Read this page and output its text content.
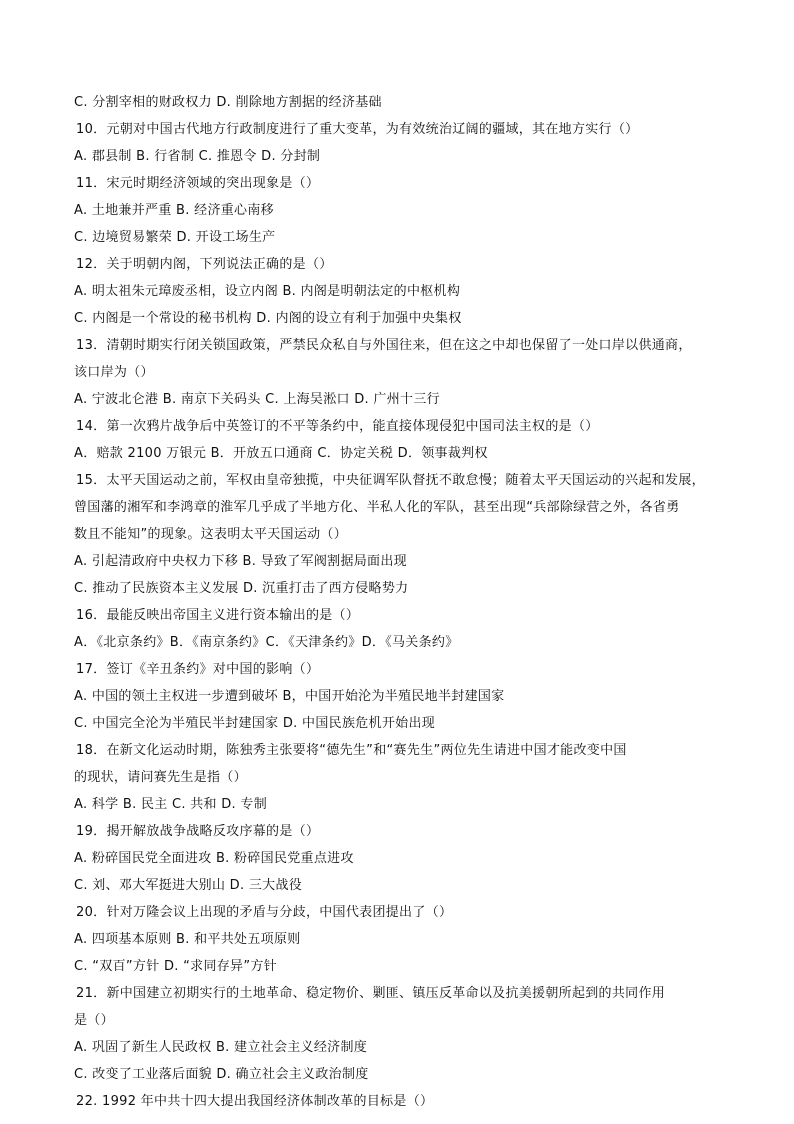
C. 分割宰相的财政权力 D. 削除地方割据的经济基础
10．元朝对中国古代地方行政制度进行了重大变革，为有效统治辽阔的疆域，其在地方实行（）
A. 郡县制 B. 行省制 C. 推恩令 D. 分封制
11．宋元时期经济领域的突出现象是（）
A. 土地兼并严重 B. 经济重心南移
C. 边境贸易繁荣 D. 开设工场生产
12．关于明朝内阁，下列说法正确的是（）
A. 明太祖朱元璋废丞相，设立内阁 B. 内阁是明朝法定的中枢机构
C. 内阁是一个常设的秘书机构 D. 内阁的设立有利于加强中央集权
13．清朝时期实行闭关锁国政策，严禁民众私自与外国往来，但在这之中却也保留了一处口岸以供通商，
该口岸为（）
A. 宁波北仑港 B. 南京下关码头 C. 上海吴淞口 D. 广州十三行
14．第一次鸦片战争后中英签订的不平等条约中，能直接体现侵犯中国司法主权的是（）
A．赔款 2100 万银元 B．开放五口通商 C．协定关税 D．领事裁判权
15．太平天国运动之前，军权由皇帝独揽，中央征调军队督抚不敢怠慢；随着太平天国运动的兴起和发展，
曾国藩的湘军和李鸿章的淮军几乎成了半地方化、半私人化的军队，甚至出现“兵部除绿营之外，各省勇
数且不能知”的现象。这表明太平天国运动（）
A. 引起清政府中央权力下移 B. 导致了军阀割据局面出现
C. 推动了民族资本主义发展 D. 沉重打击了西方侵略势力
16．最能反映出帝国主义进行资本输出的是（）
A．《北京条约》B．《南京条约》C．《天津条约》D．《马关条约》
17．签订《辛丑条约》对中国的影响（）
A. 中国的领土主权进一步遭到破坏 B，中国开始沦为半殖民地半封建国家
C. 中国完全沦为半殖民半封建国家 D. 中国民族危机开始出现
18．在新文化运动时期，陈独秀主张要将“德先生”和“赛先生”两位先生请进中国才能改变中国
的现状，请问赛先生是指（）
A. 科学 B. 民主 C. 共和 D. 专制
19．揭开解放战争战略反攻序幕的是（）
A. 粉碎国民党全面进攻 B. 粉碎国民党重点进攻
C. 刘、邓大军挺进大别山 D. 三大战役
20．针对万隆会议上出现的矛盾与分歧，中国代表团提出了（）
A. 四项基本原则 B. 和平共处五项原则
C. “双百”方针 D. “求同存异”方针
21．新中国建立初期实行的土地革命、稳定物价、剿匪、镇压反革命以及抗美援朝所起到的共同作用
是（）
A. 巩固了新生人民政权 B. 建立社会主义经济制度
C. 改变了工业落后面貌 D. 确立社会主义政治制度
22. 1992 年中共十四大提出我国经济体制改革的目标是（）
